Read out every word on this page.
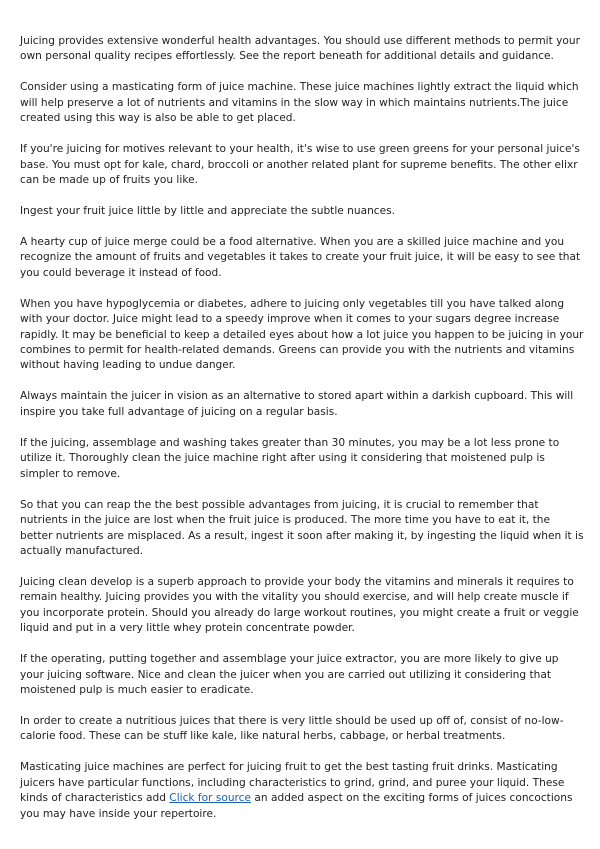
Juicing provides extensive wonderful health advantages. You should use different methods to permit your own personal quality recipes effortlessly. See the report beneath for additional details and guidance.

Consider using a masticating form of juice machine. These juice machines lightly extract the liquid which will help preserve a lot of nutrients and vitamins in the slow way in which maintains nutrients.The juice created using this way is also be able to get placed.

If you're juicing for motives relevant to your health, it's wise to use green greens for your personal juice's base. You must opt for kale, chard, broccoli or another related plant for supreme benefits. The other elixr can be made up of fruits you like.

Ingest your fruit juice little by little and appreciate the subtle nuances.

A hearty cup of juice merge could be a food alternative. When you are a skilled juice machine and you recognize the amount of fruits and vegetables it takes to create your fruit juice, it will be easy to see that you could beverage it instead of food.

When you have hypoglycemia or diabetes, adhere to juicing only vegetables till you have talked along with your doctor. Juice might lead to a speedy improve when it comes to your sugars degree increase rapidly. It may be beneficial to keep a detailed eyes about how a lot juice you happen to be juicing in your combines to permit for health-related demands. Greens can provide you with the nutrients and vitamins without having leading to undue danger.

Always maintain the juicer in vision as an alternative to stored apart within a darkish cupboard. This will inspire you take full advantage of juicing on a regular basis.

If the juicing, assemblage and washing takes greater than 30 minutes, you may be a lot less prone to utilize it. Thoroughly clean the juice machine right after using it considering that moistened pulp is simpler to remove.

So that you can reap the the best possible advantages from juicing, it is crucial to remember that nutrients in the juice are lost when the fruit juice is produced. The more time you have to eat it, the better nutrients are misplaced. As a result, ingest it soon after making it, by ingesting the liquid when it is actually manufactured.

Juicing clean develop is a superb approach to provide your body the vitamins and minerals it requires to remain healthy. Juicing provides you with the vitality you should exercise, and will help create muscle if you incorporate protein. Should you already do large workout routines, you might create a fruit or veggie liquid and put in a very little whey protein concentrate powder.

If the operating, putting together and assemblage your juice extractor, you are more likely to give up your juicing software. Nice and clean the juicer when you are carried out utilizing it considering that moistened pulp is much easier to eradicate.

In order to create a nutritious juices that there is very little should be used up off of, consist of no-low-calorie food. These can be stuff like kale, like natural herbs, cabbage, or herbal treatments.

Masticating juice machines are perfect for juicing fruit to get the best tasting fruit drinks. Masticating juicers have particular functions, including characteristics to grind, grind, and puree your liquid. These kinds of characteristics add Click for source an added aspect on the exciting forms of juices concoctions you may have inside your repertoire.
